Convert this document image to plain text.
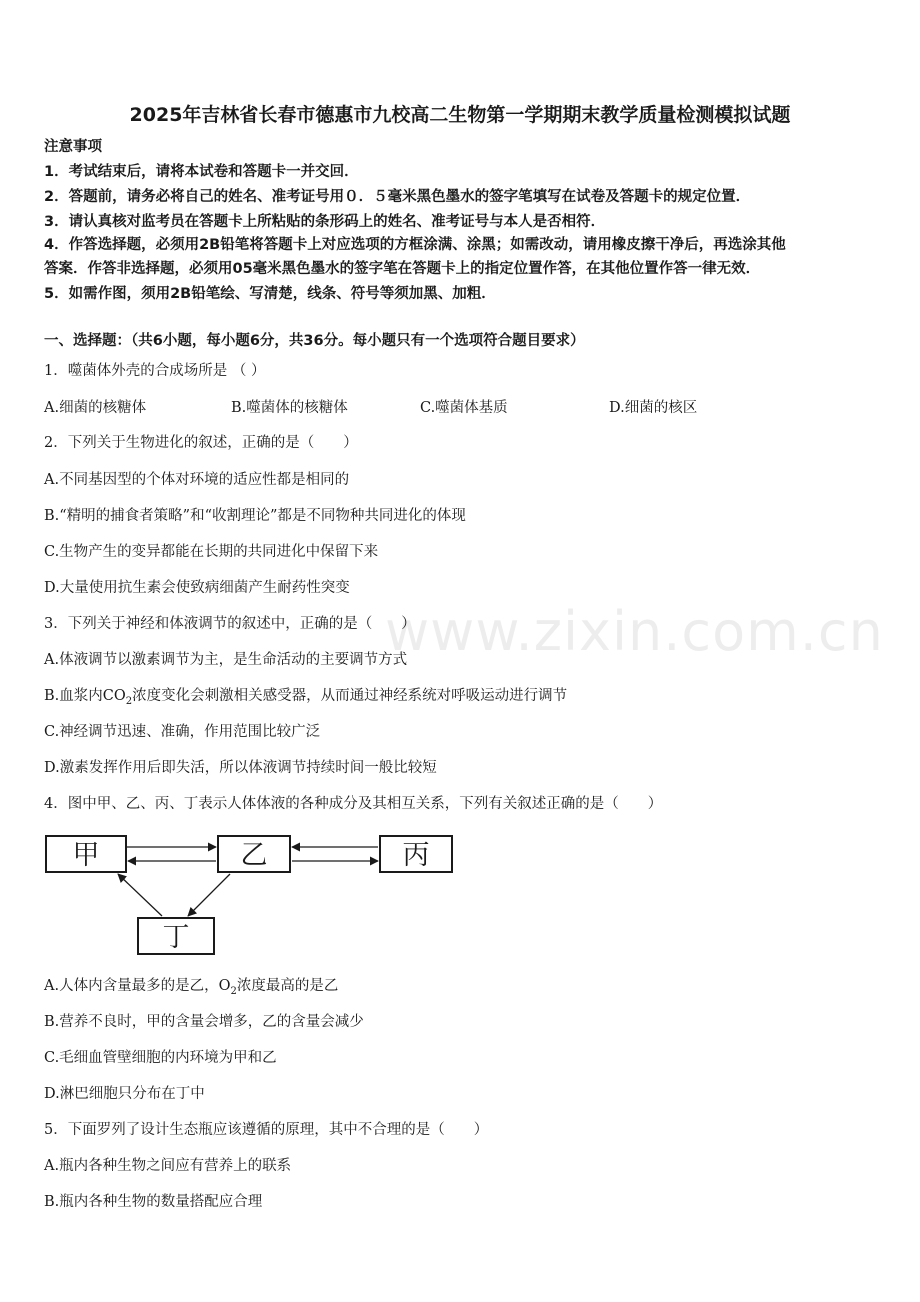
2025年吉林省长春市德惠市九校高二生物第一学期期末教学质量检测模拟试题
注意事项
1．考试结束后，请将本试卷和答题卡一并交回．
2．答题前，请务必将自己的姓名、准考证号用０．５毫米黑色墨水的签字笔填写在试卷及答题卡的规定位置．
3．请认真核对监考员在答题卡上所粘贴的条形码上的姓名、准考证号与本人是否相符．
4．作答选择题，必须用2B铅笔将答题卡上对应选项的方框涂满、涂黑；如需改动，请用橡皮擦干净后，再选涂其他
答案．作答非选择题，必须用05毫米黑色墨水的签字笔在答题卡上的指定位置作答，在其他位置作答一律无效．
5．如需作图，须用2B铅笔绘、写清楚，线条、符号等须加黑、加粗．
一、选择题：（共6小题，每小题6分，共36分。每小题只有一个选项符合题目要求）
1．噬菌体外壳的合成场所是 （ ）
A.细菌的核糖体	B.噬菌体的核糖体	C.噬菌体基质	D.细菌的核区
2．下列关于生物进化的叙述，正确的是（　　）
A.不同基因型的个体对环境的适应性都是相同的
B.“精明的捕食者策略”和“收割理论”都是不同物种共同进化的体现
C.生物产生的变异都能在长期的共同进化中保留下来
D.大量使用抗生素会使致病细菌产生耐药性突变
3．下列关于神经和体液调节的叙述中，正确的是（　　）
A.体液调节以激素调节为主，是生命活动的主要调节方式
B.血浆内$CO_2$浓度变化会刺激相关感受器，从而通过神经系统对呼吸运动进行调节
C.神经调节迅速、准确，作用范围比较广泛
D.激素发挥作用后即失活，所以体液调节持续时间一般比较短
4．图中甲、乙、丙、丁表示人体体液的各种成分及其相互关系，下列有关叙述正确的是（　　）
甲	乙	丙
丁
A.人体内含量最多的是乙，$O_2$浓度最高的是乙
B.营养不良时，甲的含量会增多，乙的含量会减少
C.毛细血管壁细胞的内环境为甲和乙
D.淋巴细胞只分布在丁中
5．下面罗列了设计生态瓶应该遵循的原理，其中不合理的是（　　）
A.瓶内各种生物之间应有营养上的联系
B.瓶内各种生物的数量搭配应合理
www.zixin.com.cn
